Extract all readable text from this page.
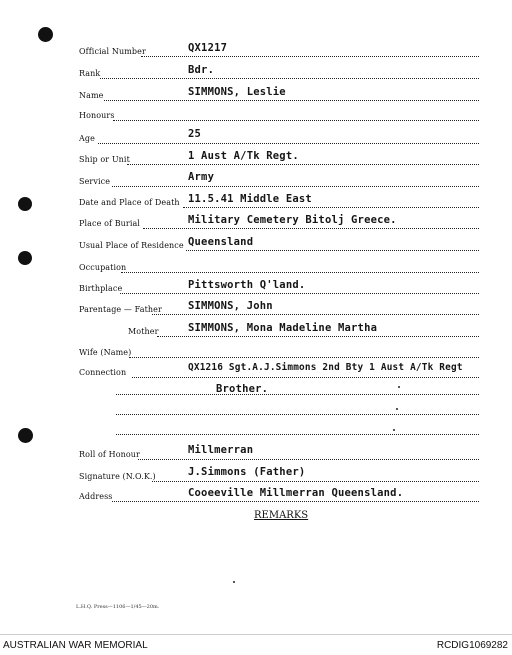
Official Number	QX1217
Rank	Bdr.
Name	SIMMONS, Leslie
Honours
Age	25
Ship or Unit	1 Aust A/Tk Regt.
Service	Army
Date and Place of Death 11.5.41 Middle East
Place of Burial	Military Cemetery Bitolj Greece.
Usual Place of Residence Queensland
Occupation
Birthplace	Pittsworth Q'land.
Parentage — Father SIMMONS, John
Mother	SIMMONS, Mona Madeline Martha
Wife (Name)
Connection	QX1216 Sgt.A.J.Simmons 2nd Bty 1 Aust A/Tk Regt
Brother.
Roll of Honour	Millmerran
Signature (N.O.K.)	J.Simmons (Father)
Address	Cooeeville Millmerran Queensland.
REMARKS
L.H.Q. Press—1106—1/45—20m.
AUSTRALIAN WAR MEMORIAL	RCDIG1069282
